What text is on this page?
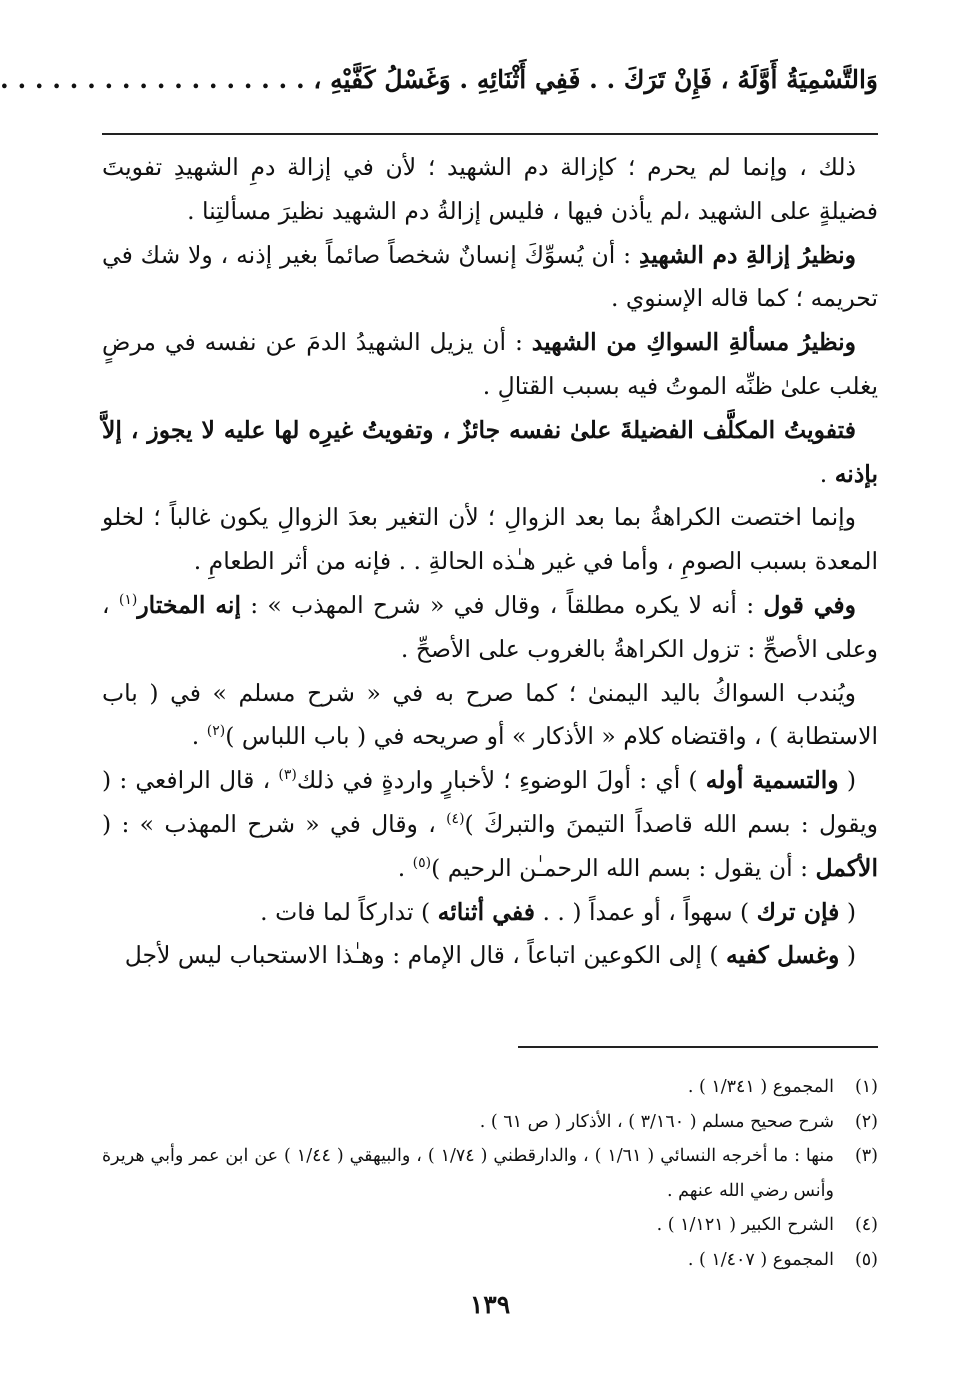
وَالتَّسْمِيَةُ أَوَّلَهُ ، فَإِنْ تَرَكَ . . فَفِي أَثْنَائِهِ . وَغَسْلُ كَفَّيْهِ ، . . . . . . . . . . . . . . . . . .

ذلك ، وإنما لم يحرم ؛ كإزالة دم الشهيد ؛ لأن في إزالة دمِ الشهيدِ تفويتَ فضيلةٍ على الشهيد ،لم يأذن فيها ، فليس إزالةُ دم الشهيد نظيرَ مسألتِنا .

ونظيرُ إزالةِ دم الشهيدِ : أن يُسوِّكَ إنسانٌ شخصاً صائماً بغير إذنه ، ولا شك في تحريمه ؛ كما قاله الإسنوي .

ونظيرُ مسألةِ السواكِ من الشهيد : أن يزيل الشهيدُ الدمَ عن نفسه في مرضٍ يغلب علىٰ ظنِّه الموتُ فيه بسبب القتالِ .

فتفويتُ المكلَّف الفضيلةَ علىٰ نفسه جائزٌ ، وتفويتُ غيرِه لها عليه لا يجوز ، إلاَّ بإذنه .

وإنما اختصت الكراهةُ بما بعد الزوالِ ؛ لأن التغير بعدَ الزوالِ يكون غالباً ؛ لخلو المعدة بسبب الصومِ ، وأما في غير هـٰذه الحالةِ . . فإنه من أثر الطعامِ .

وفي قول : أنه لا يكره مطلقاً ، وقال في « شرح المهذب » : إنه المختار$^{(١)}$ ، وعلى الأصحِّ : تزول الكراهةُ بالغروب على الأصحِّ .

ويُندب السواكُ باليد اليمنىٰ ؛ كما صرح به في « شرح مسلم » في ( باب الاستطابة ) ، واقتضاه كلام « الأذكار » أو صريحه في ( باب اللباس )$^{(٢)}$ .

( والتسمية أوله ) أي : أولَ الوضوءِ ؛ لأخبارٍ واردةٍ في ذلك$^{(٣)}$ ، قال الرافعي : ( ويقول : بسم الله قاصداً التيمنَ والتبركَ )$^{(٤)}$ ، وقال في « شرح المهذب » : ( الأكمل : أن يقول : بسم الله الرحمـٰن الرحيم )$^{(٥)}$ .

( فإن ترك ) سهواً ، أو عمداً ( . . ففي أثنائه ) تداركاً لما فات .

( وغسل كفيه ) إلى الكوعين اتباعاً ، قال الإمام : وهـٰذا الاستحباب ليس لأجل

(١)
المجموع ( ١/٣٤١ ) .
(٢)
شرح صحيح مسلم ( ٣/١٦٠ ) ، الأذكار ( ص ٦١ ) .
(٣)
منها : ما أخرجه النسائي ( ١/٦١ ) ، والدارقطني ( ١/٧٤ ) ، والبيهقي ( ١/٤٤ ) عن ابن عمر وأبي هريرة وأنس رضي الله عنهم .
(٤)
الشرح الكبير ( ١/١٢١ ) .
(٥)
المجموع ( ١/٤٠٧ ) .
١٣٩
